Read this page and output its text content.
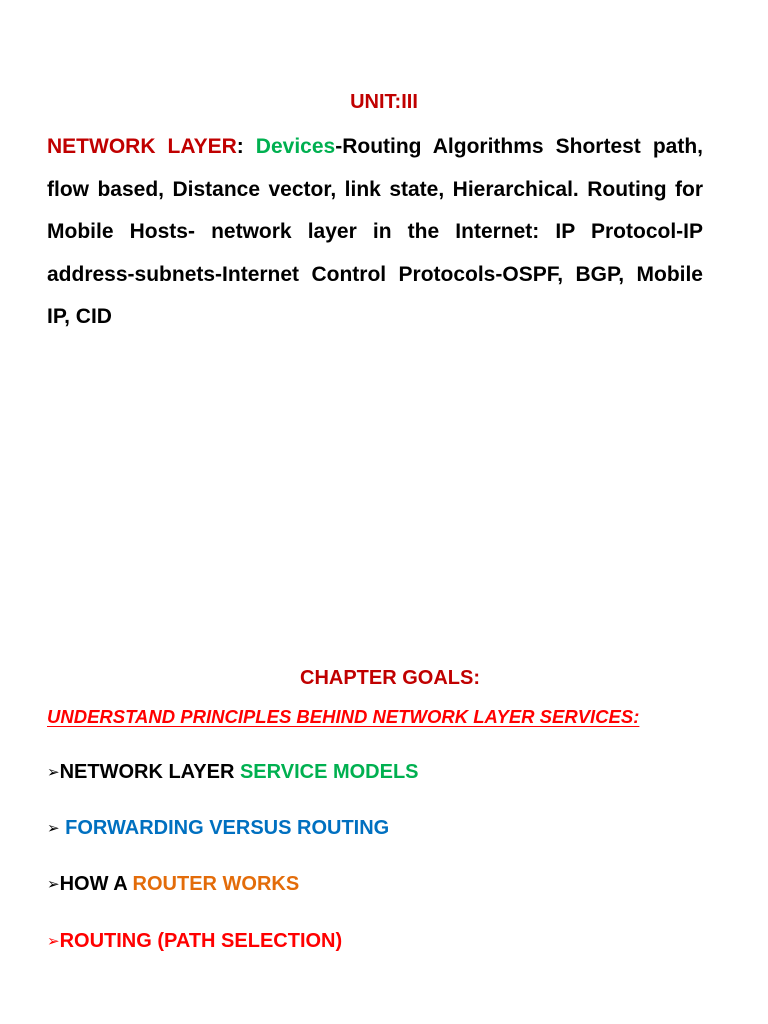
UNIT:III

NETWORK LAYER: Devices-Routing Algorithms Shortest path, flow based, Distance vector, link state, Hierarchical. Routing for Mobile Hosts- network layer in the Internet: IP Protocol-IP address-subnets-Internet Control Protocols-OSPF, BGP, Mobile IP, CID

CHAPTER GOALS:
UNDERSTAND PRINCIPLES BEHIND NETWORK LAYER SERVICES:
➢NETWORK LAYER SERVICE MODELS
➢ FORWARDING VERSUS ROUTING
➢HOW A ROUTER WORKS
➢ROUTING (PATH SELECTION)
